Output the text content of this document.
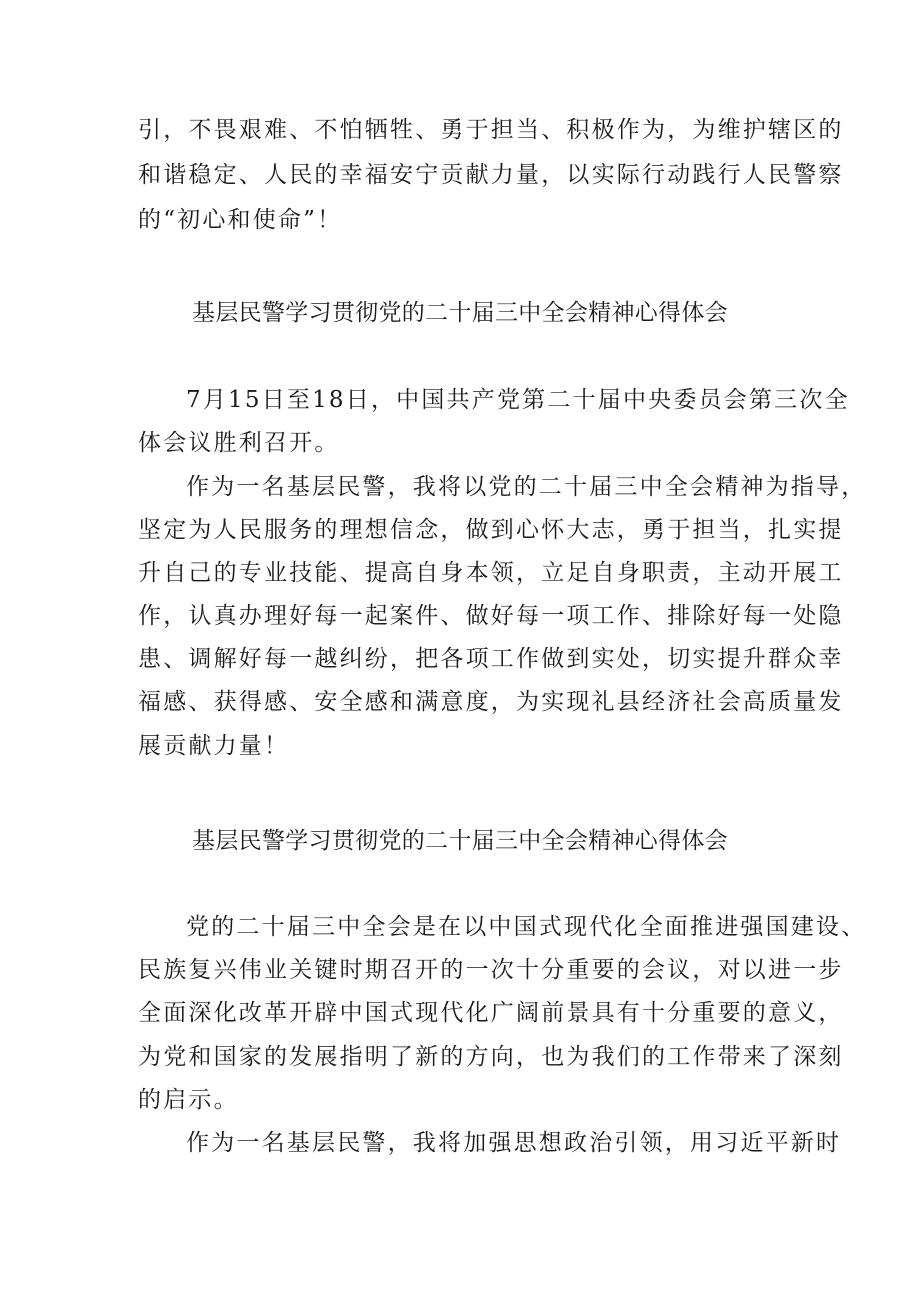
引，不畏艰难、不怕牺牲、勇于担当、积极作为，为维护辖区的
和谐稳定、人民的幸福安宁贡献力量，以实际行动践行人民警察
的“初心和使命”！
基层民警学习贯彻党的二十届三中全会精神心得体会
7月15日至18日，中国共产党第二十届中央委员会第三次全
体会议胜利召开。
作为一名基层民警，我将以党的二十届三中全会精神为指导，
坚定为人民服务的理想信念，做到心怀大志，勇于担当，扎实提
升自己的专业技能、提高自身本领，立足自身职责，主动开展工
作，认真办理好每一起案件、做好每一项工作、排除好每一处隐
患、调解好每一越纠纷，把各项工作做到实处，切实提升群众幸
福感、获得感、安全感和满意度，为实现礼县经济社会高质量发
展贡献力量！
基层民警学习贯彻党的二十届三中全会精神心得体会
党的二十届三中全会是在以中国式现代化全面推进强国建设、
民族复兴伟业关键时期召开的一次十分重要的会议，对以进一步
全面深化改革开辟中国式现代化广阔前景具有十分重要的意义，
为党和国家的发展指明了新的方向，也为我们的工作带来了深刻
的启示。
作为一名基层民警，我将加强思想政治引领，用习近平新时
